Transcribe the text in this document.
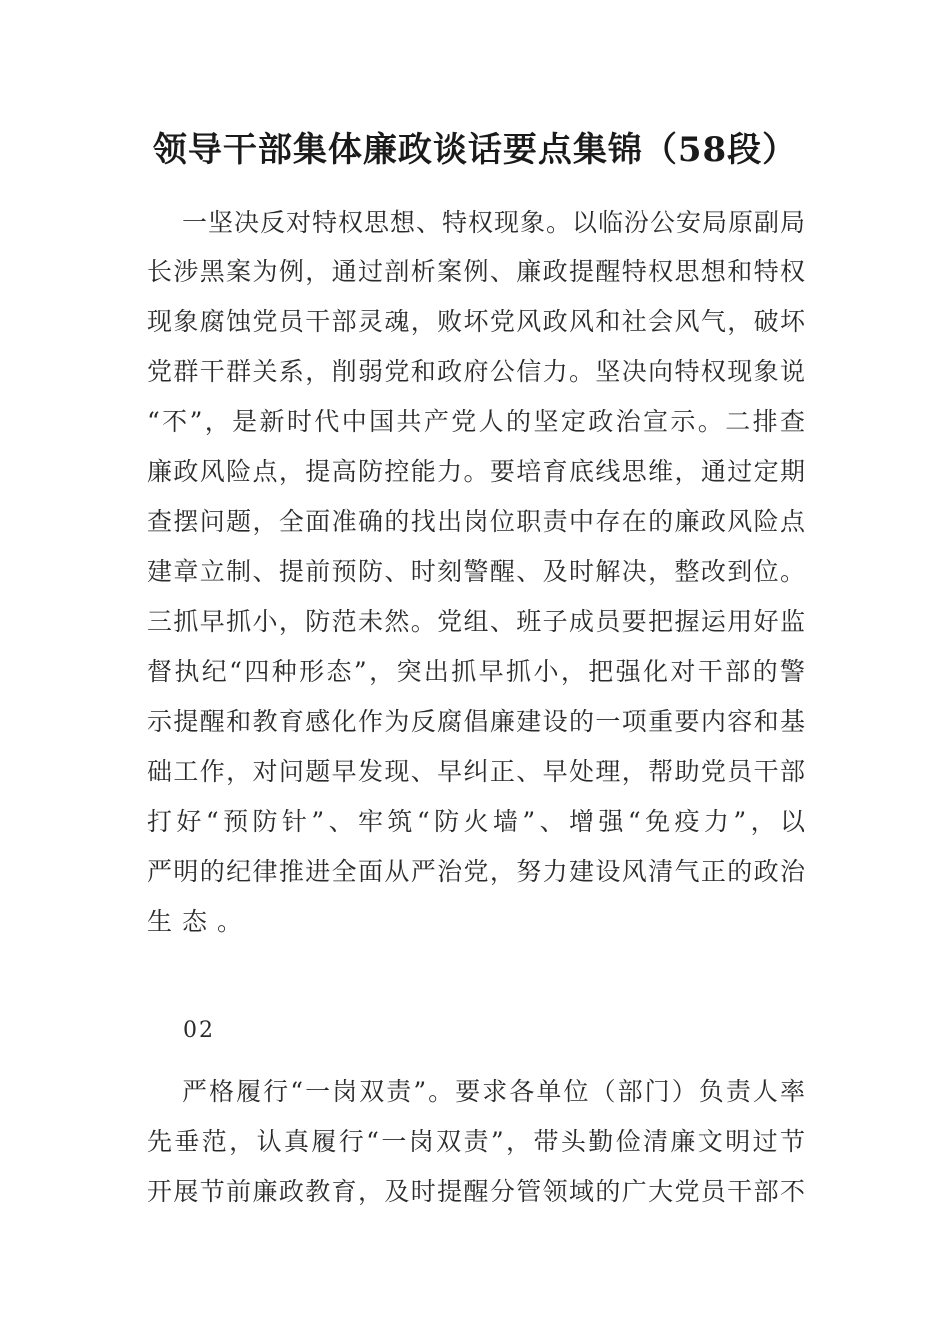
领导干部集体廉政谈话要点集锦（58段）
一坚决反对特权思想、特权现象。以临汾公安局原副局
长涉黑案为例，通过剖析案例、廉政提醒特权思想和特权
现象腐蚀党员干部灵魂，败坏党风政风和社会风气，破坏
党群干群关系，削弱党和政府公信力。坚决向特权现象说
“不”，是新时代中国共产党人的坚定政治宣示。二排查
廉政风险点，提高防控能力。要培育底线思维，通过定期
查摆问题，全面准确的找出岗位职责中存在的廉政风险点
建章立制、提前预防、时刻警醒、及时解决，整改到位。
三抓早抓小，防范未然。党组、班子成员要把握运用好监
督执纪“四种形态”，突出抓早抓小，把强化对干部的警
示提醒和教育感化作为反腐倡廉建设的一项重要内容和基
础工作，对问题早发现、早纠正、早处理，帮助党员干部
打好“预防针”、牢筑“防火墙”、增强“免疫力”，以
严明的纪律推进全面从严治党，努力建设风清气正的政治
生态。
02
严格履行“一岗双责”。要求各单位（部门）负责人率
先垂范，认真履行“一岗双责”，带头勤俭清廉文明过节
开展节前廉政教育，及时提醒分管领域的广大党员干部不
